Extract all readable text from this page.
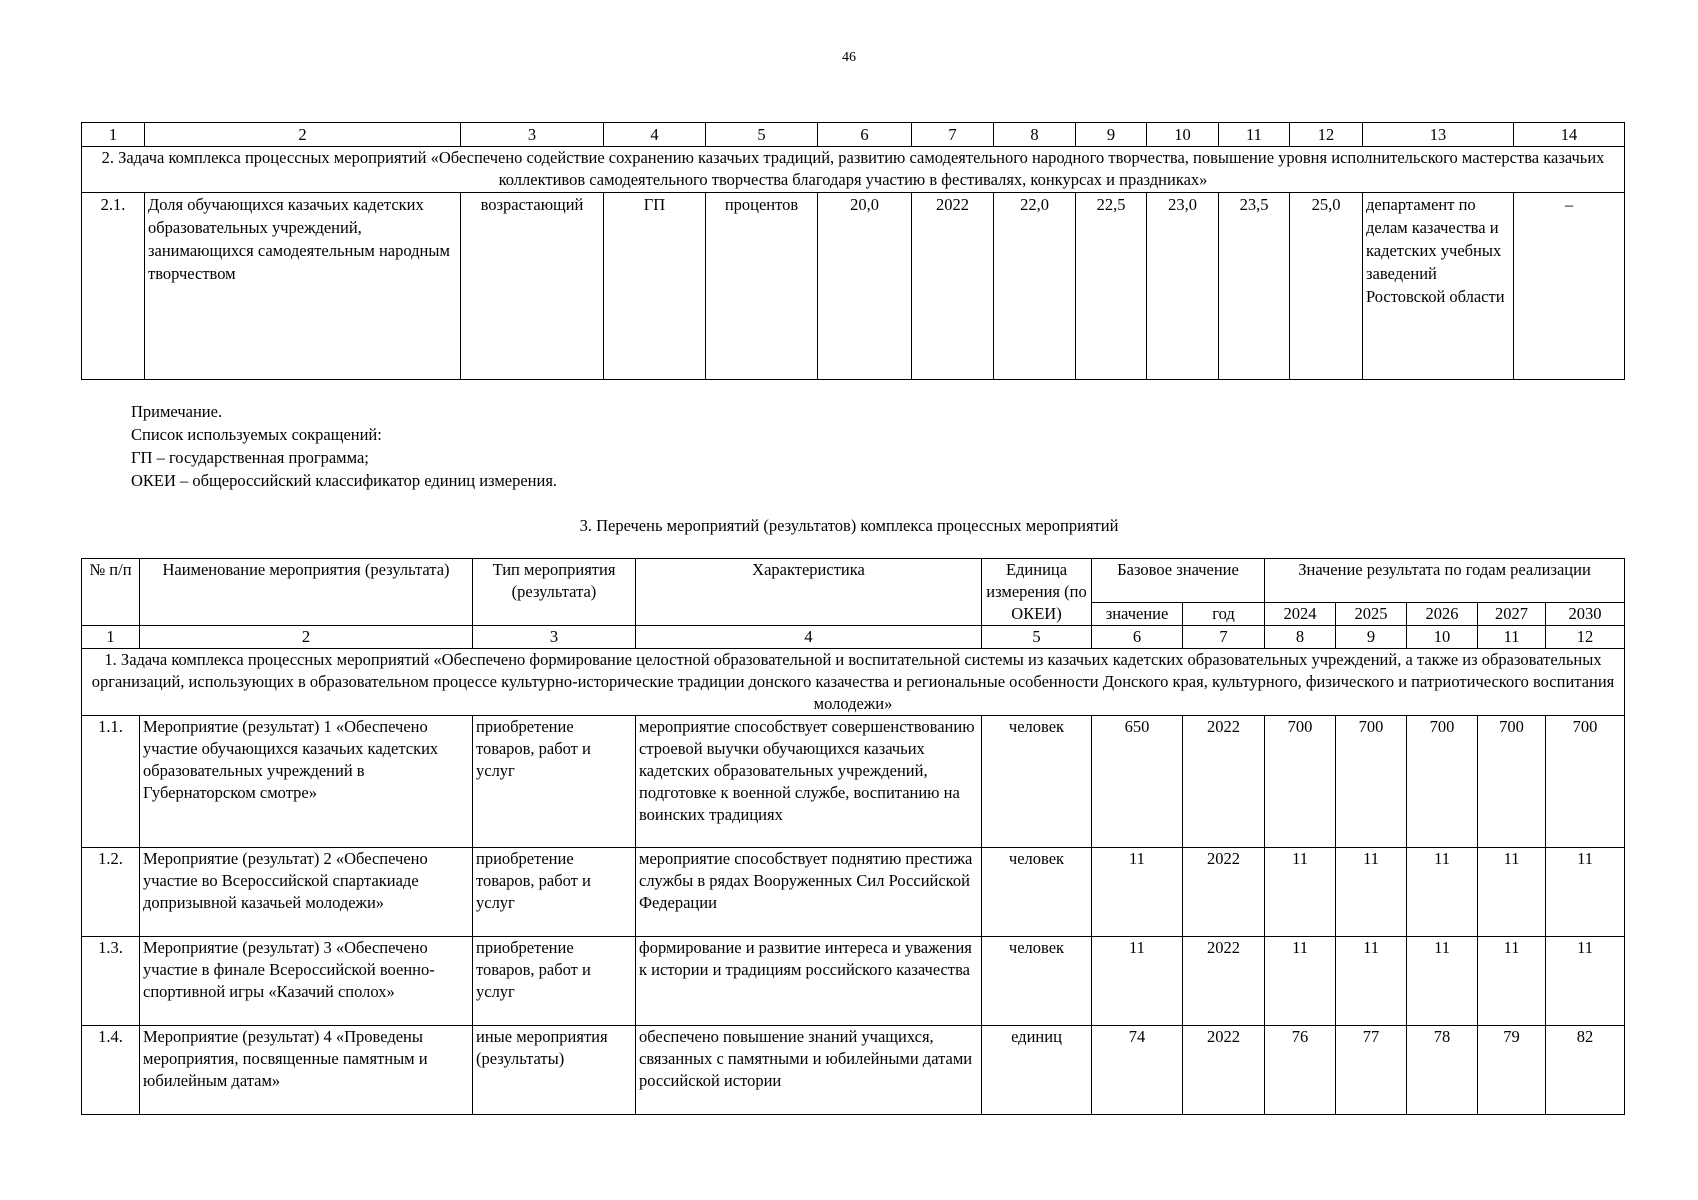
46
1	2	3	4	5	6	7	8	9	10	11	12	13	14
2. Задача комплекса процессных мероприятий «Обеспечено содействие сохранению казачьих традиций, развитию самодеятельного народного творчества, повышение уровня исполнительского мастерства казачьих коллективов самодеятельного творчества благодаря участию в фестивалях, конкурсах и праздниках»													
2.1.	Доля обучающихся казачьих кадетских образовательных учреждений, занимающихся самодеятельным народным творчеством	возрастающий	ГП	процентов	20,0	2022	22,0	22,5	23,0	23,5	25,0	департамент по делам казачества и кадетских учебных заведений Ростовской области	–
Примечание.
Список используемых сокращений:
ГП – государственная программа;
ОКЕИ – общероссийский классификатор единиц измерения.
3. Перечень мероприятий (результатов) комплекса процессных мероприятий
№ п/п	Наименование мероприятия (результата)	Тип мероприятия (результата)	Характеристика	Единица измерения (по ОКЕИ)	Базовое значение		Значение результата по годам реализации				

					значение	год	2024	2025	2026	2027	2030
1	2	3	4	5	6	7	8	9	10	11	12
1. Задача комплекса процессных мероприятий «Обеспечено формирование целостной образовательной и воспитательной системы из казачьих кадетских образовательных учреждений, а также из образовательных организаций, использующих в образовательном процессе культурно-исторические традиции донского казачества и региональные особенности Донского края, культурного, физического и патриотического воспитания молодежи»											
1.1.	Мероприятие (результат) 1 «Обеспечено участие обучающихся казачьих кадетских образовательных учреждений в Губернаторском смотре»	приобретение товаров, работ и услуг	мероприятие способствует совершенствованию строевой выучки обучающихся казачьих кадетских образовательных учреждений, подготовке к военной службе, воспитанию на воинских традициях	человек	650	2022	700	700	700	700	700
1.2.	Мероприятие (результат) 2 «Обеспечено участие во Всероссийской спартакиаде допризывной казачьей молодежи»	приобретение товаров, работ и услуг	мероприятие способствует поднятию престижа службы в рядах Вооруженных Сил Российской Федерации	человек	11	2022	11	11	11	11	11
1.3.	Мероприятие (результат) 3 «Обеспечено участие в финале Всероссийской военно-спортивной игры «Казачий сполох»	приобретение товаров, работ и услуг	формирование и развитие интереса и уважения к истории и традициям российского казачества	человек	11	2022	11	11	11	11	11
1.4.	Мероприятие (результат) 4 «Проведены мероприятия, посвященные памятным и юбилейным датам»	иные мероприятия (результаты)	обеспечено повышение знаний учащихся, связанных с памятными и юбилейными датами российской истории	единиц	74	2022	76	77	78	79	82
